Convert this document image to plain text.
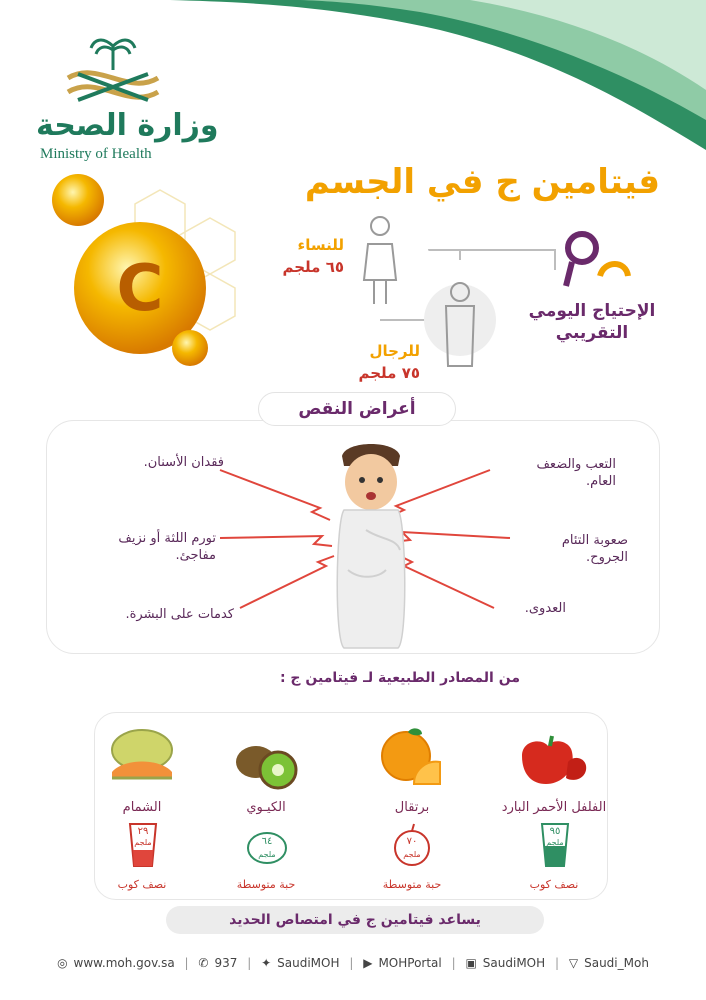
وزارة الصحة
Ministry of Health
C
فيتامين ج في الجسم
الإحتياج اليومي
التقريبي
للنساء
٦٥ ملجم
للرجال
٧٥ ملجم
أعراض النقص
فقدان الأسنان.	التعب والضعف العام.
تورم اللثة أو نزيف مفاجئ.
صعوبة التئام الجروح.
كدمات على البشرة.	العدوى.
من المصادر الطبيعية لـ فيتامين ج :
الفلفل الأحمر البارد
برتقال
الكيـوي
الشمام
٩٥
ملجم
٧٠
ملجم
٦٤
ملجم
٢٩
ملجم
نصف كوب
حبة متوسطة
حبة متوسطة
نصف كوب
يساعد فيتامين ج في امتصاص الحديد
◎ www.moh.gov.sa | ✆ 937 | ✦ SaudiMOH | ▶ MOHPortal | ▣ SaudiMOH | ▽ Saudi_Moh
